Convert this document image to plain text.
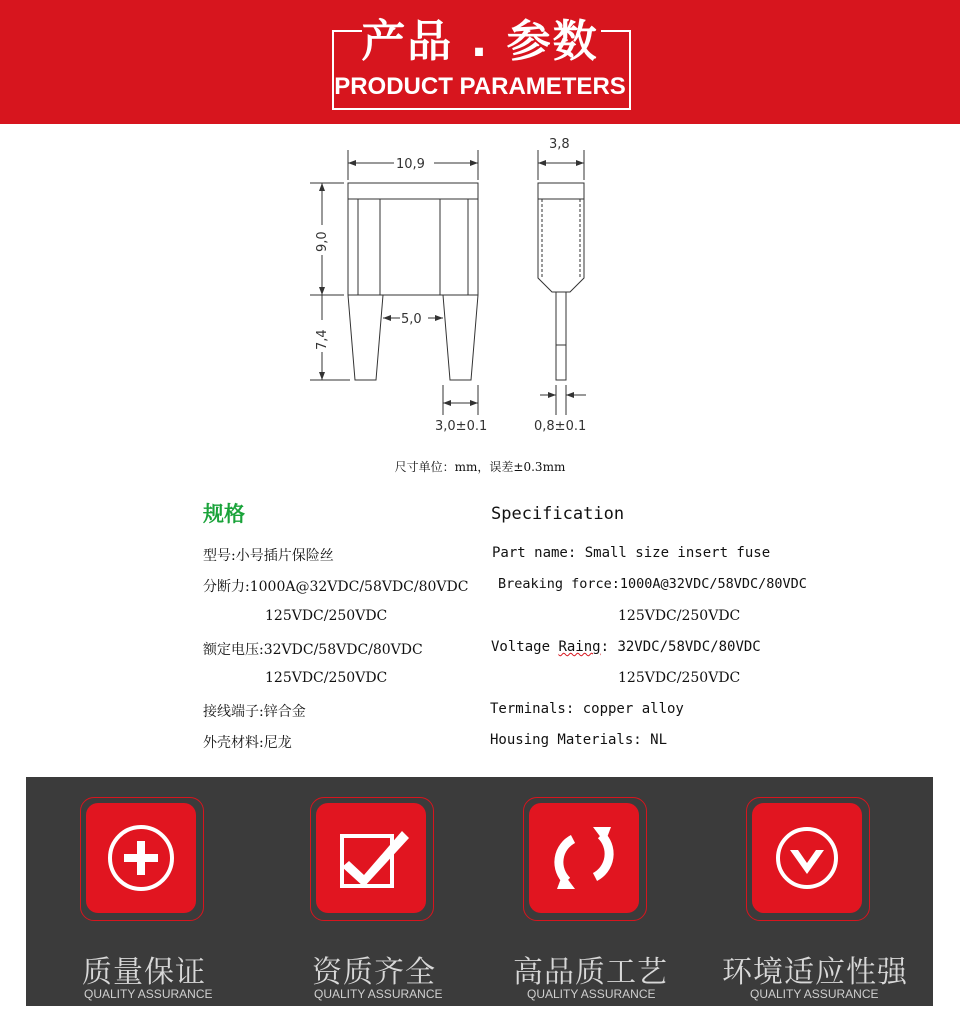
产品 . 参数
PRODUCT PARAMETERS
10,9
3,8
9,0
7,4
5,0
3,0±0.1	0,8±0.1
尺寸单位：mm，误差±0.3mm
规格	Specification
型号:小号插片保险丝
分断力:1000A@32VDC/58VDC/80VDC
125VDC/250VDC
额定电压:32VDC/58VDC/80VDC
125VDC/250VDC
接线端子:锌合金
外壳材料:尼龙
Part name: Small size insert fuse
Breaking force:1000A@32VDC/58VDC/80VDC
125VDC/250VDC
Voltage Raing: 32VDC/58VDC/80VDC
125VDC/250VDC
Terminals: copper alloy
Housing Materials: NL
质量保证
QUALITY ASSURANCE
资质齐全
QUALITY ASSURANCE
高品质工艺
QUALITY ASSURANCE
环境适应性强
QUALITY ASSURANCE
